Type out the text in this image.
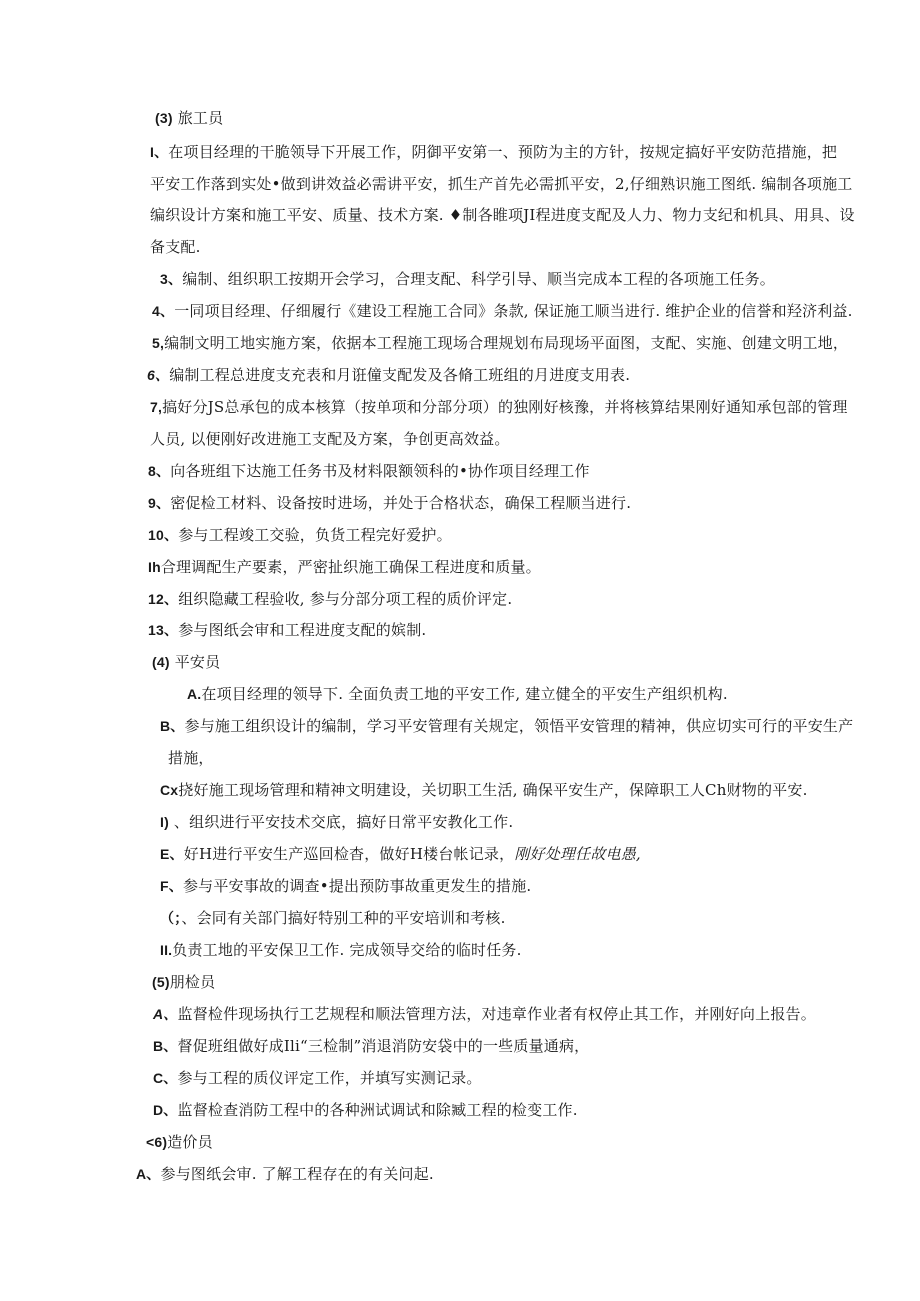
(3) 旅工员
I、在项目经理的干脆领导下开展工作，阴御平安第一、预防为主的方针，按规定搞好平安防范措施，把
平安工作落到实处•做到讲效益必需讲平安，抓生产首先必需抓平安，2,仔细熟识施工图纸. 编制各项施工
编织设计方案和施工平安、质量、技术方案. ♦制各睢项JI程进度支配及人力、物力支纪和机具、用具、设
备支配.
3、编制、组织职工按期开会学习，合理支配、科学引导、顺当完成本工程的各项施工任务。
4、一同项目经理、仔细履行《建设工程施工合同》条款, 保证施工顺当进行. 维护企业的信誉和羟济利益.
5,编制文明工地实施方案，依据本工程施工现场合理规划布局现场平面图，支配、实施、创建文明工地，
6、编制工程总进度支充表和月诳僮支配发及各脩工班组的月进度支用表.
7,搞好分JS总承包的成本核算（按单项和分部分项）的独刚好核豫，并将核算结果刚好通知承包部的管理
人员, 以便刚好改进施工支配及方案，争创更高效益。
8、向各班组下达施工任务书及材料限额领科的•协作项目经理工作
9、密促检工材料、设备按时进场，并处于合格状态，确保工程顺当进行.
10、参与工程竣工交验，负货工程完好爱护。
Ih合理调配生产要素，严密扯织施工确保工程进度和质量。
12、组织隐藏工程验收, 参与分部分项工程的质价评定.
13、参与图纸会审和工程进度支配的嫔制.
(4) 平安员
A.在项目经理的领导下. 全面负责工地的平安工作, 建立健全的平安生产组织机构.
B、参与施工组织设计的编制，学习平安管理有关规定，领悟平安管理的精神，供应切实可行的平安生产
措施，
Cx挠好施工现场管理和精神文明建设，关切职工生活, 确保平安生产，保障职工人Ch财物的平安.
I) 、组织进行平安技术交底，搞好日常平安教化工作.
E、好H进行平安生产巡回检杳，做好H楼台帐记录，刚好处理任故电愚,
F、参与平安事故的调查•提出预防事故重更发生的措施.
（；、会同有关部门搞好特别工种的平安培训和考核.
II.负责工地的平安保卫工作. 完成领导交给的临时任务.
(5)朋检员
A、监督检件现场执行工艺规程和顺法管理方法，对违章作业者有权停止其工作，并刚好向上报告。
B、督促班组做好成Ili“三检制”消退消防安袋中的一些质量通病，
C、参与工程的质仪评定工作，并填写实测记录。
D、监督检查消防工程中的各种洲试调试和除臧工程的检变工作.
<6)造价员
A、参与图纸会审. 了解工程存在的有关问起.
